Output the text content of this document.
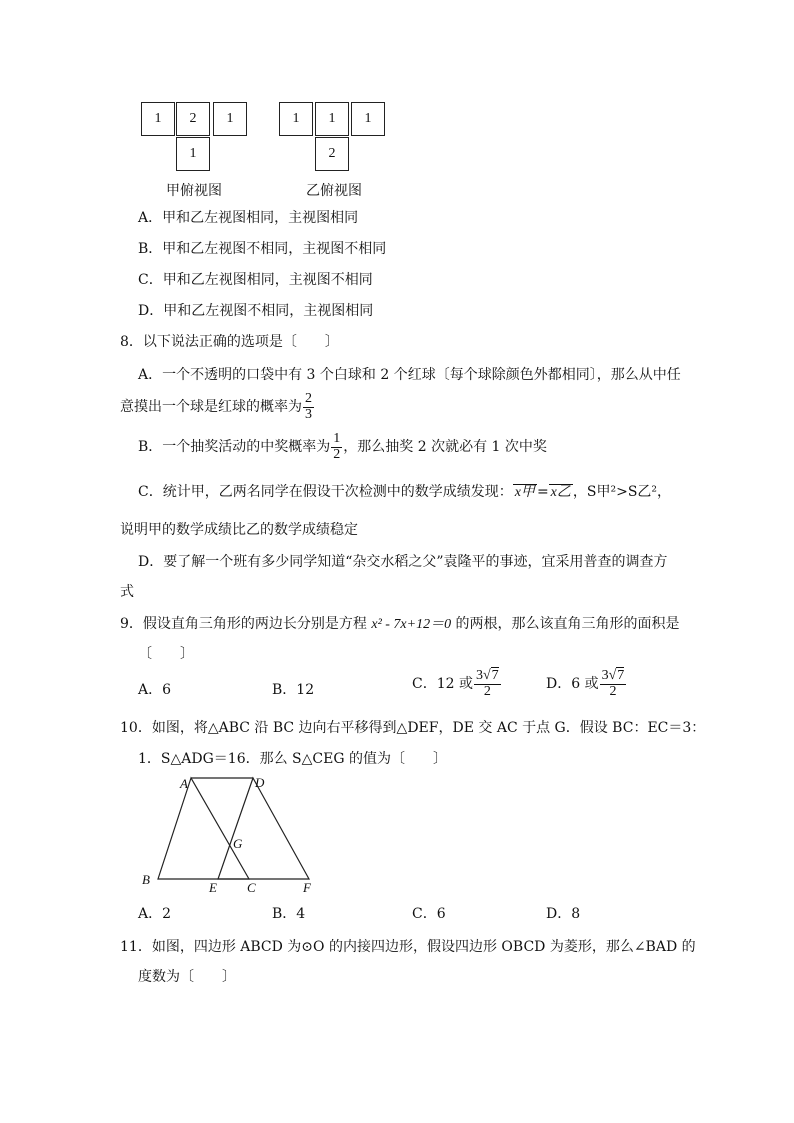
1	2	1
1
1	1	1
2
甲俯视图	乙俯视图
A．甲和乙左视图相同，主视图相同
B．甲和乙左视图不相同，主视图不相同
C．甲和乙左视图相同，主视图不相同
D．甲和乙左视图不相同，主视图相同
8．以下说法正确的选项是〔　　〕
A．一个不透明的口袋中有 3 个白球和 2 个红球〔每个球除颜色外都相同〕，那么从中任
意摸出一个球是红球的概率为 $\frac{2}{3}$
B．一个抽奖活动的中奖概率为 $\frac{1}{2}$ ，那么抽奖 2 次就必有 1 次中奖
C．统计甲，乙两名同学在假设干次检测中的数学成绩发现： x甲 = x乙 ，S甲²>S乙²，
说明甲的数学成绩比乙的数学成绩稳定
D．要了解一个班有多少同学知道“杂交水稻之父”袁隆平的事迹，宜采用普查的调查方
式
9．假设直角三角形的两边长分别是方程 x² - 7x+12＝0 的两根，那么该直角三角形的面积是
〔　　〕
A．6	B．12	C．12 或 $\frac{3√7}{2}$	D．6 或 $\frac{3√7}{2}$
10．如图，将△ABC 沿 BC 边向右平移得到△DEF，DE 交 AC 于点 G．假设 BC：EC＝3：
1．S△ADG＝16．那么 S△CEG 的值为〔　　〕
A	D
G
B
E C	F
A．2	B．4	C．6	D．8
11．如图，四边形 ABCD 为⊙O 的内接四边形，假设四边形 OBCD 为菱形，那么∠BAD 的
度数为〔　　〕
